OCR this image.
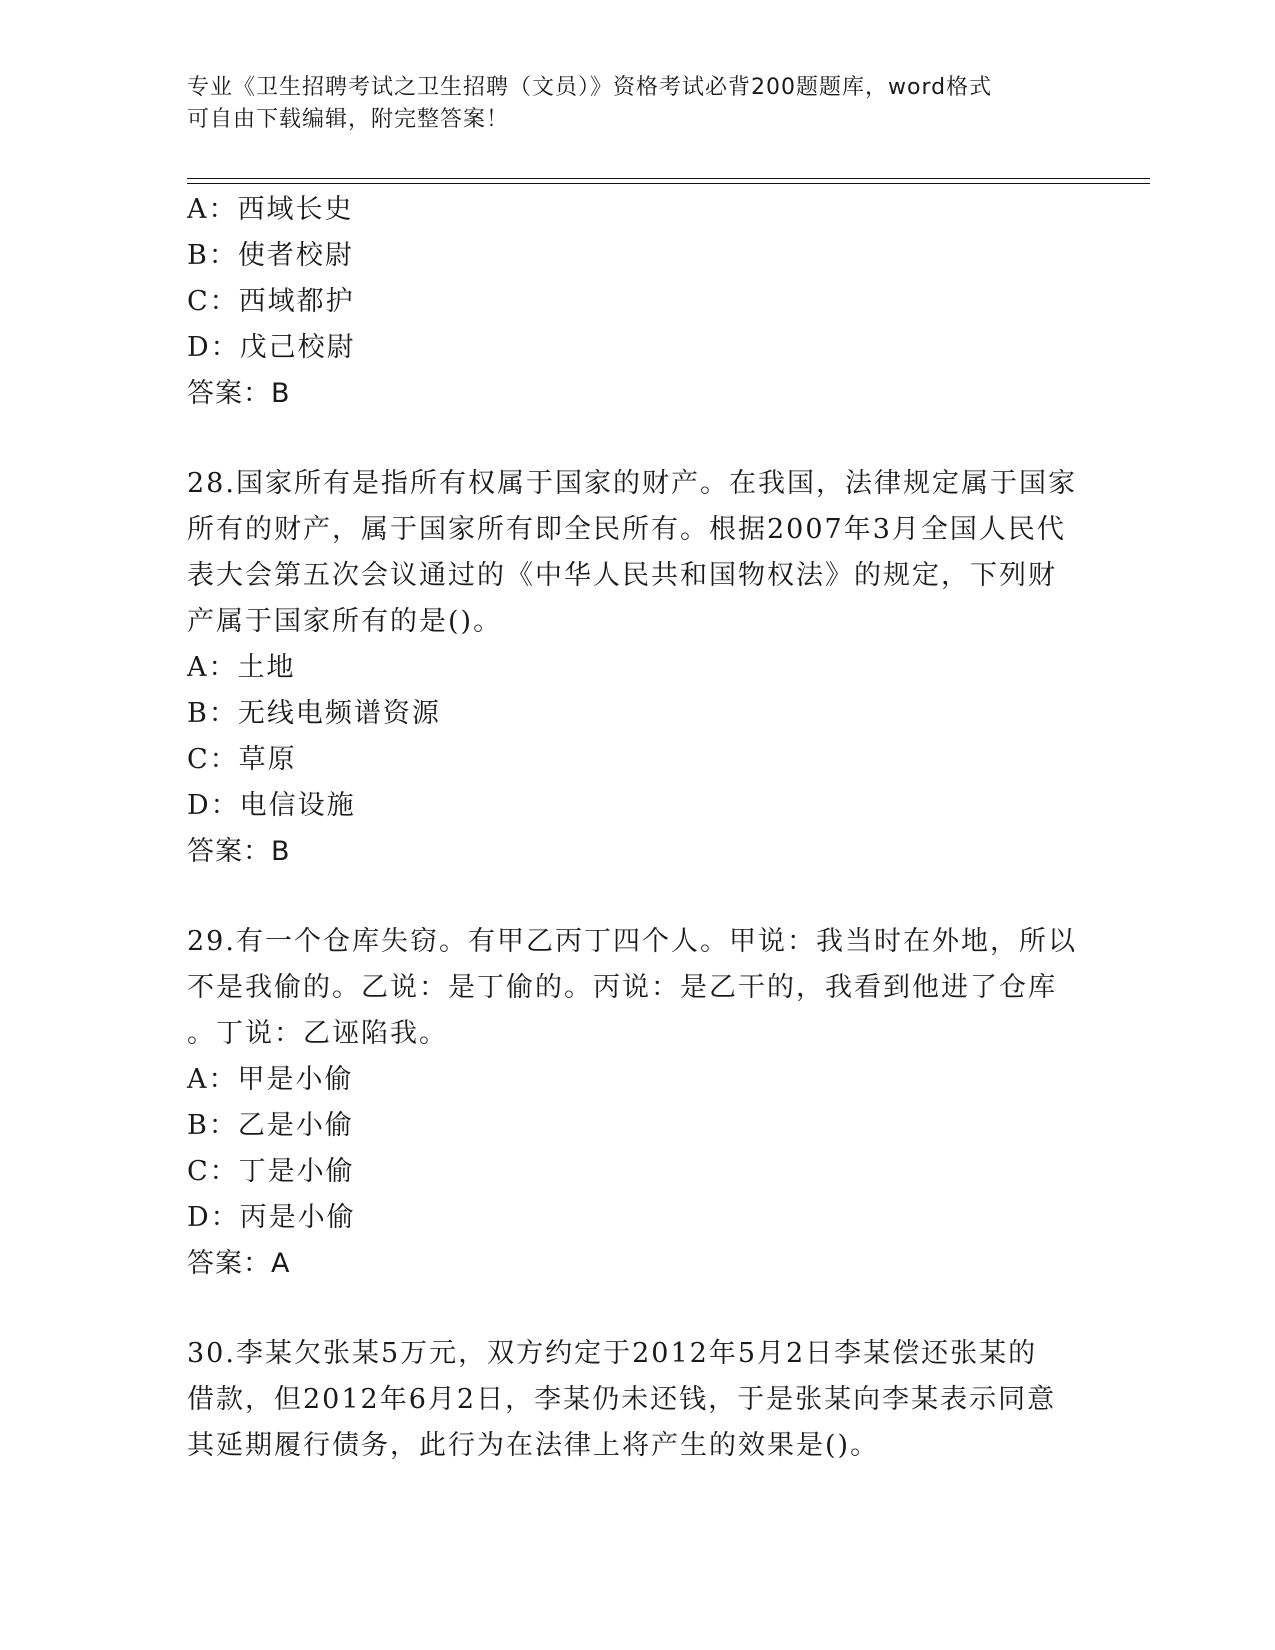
专业《卫生招聘考试之卫生招聘（文员）》资格考试必背200题题库，word格式
可自由下载编辑，附完整答案！
A：西域长史
B：使者校尉
C：西域都护
D：戊己校尉
答案：B
28.国家所有是指所有权属于国家的财产。在我国，法律规定属于国家
所有的财产，属于国家所有即全民所有。根据2007年3月全国人民代
表大会第五次会议通过的《中华人民共和国物权法》的规定，下列财
产属于国家所有的是()。
A：土地
B：无线电频谱资源
C：草原
D：电信设施
答案：B
29.有一个仓库失窃。有甲乙丙丁四个人。甲说：我当时在外地，所以
不是我偷的。乙说：是丁偷的。丙说：是乙干的，我看到他进了仓库
。丁说：乙诬陷我。
A：甲是小偷
B：乙是小偷
C：丁是小偷
D：丙是小偷
答案：A
30.李某欠张某5万元，双方约定于2012年5月2日李某偿还张某的
借款，但2012年6月2日，李某仍未还钱，于是张某向李某表示同意
其延期履行债务，此行为在法律上将产生的效果是()。
